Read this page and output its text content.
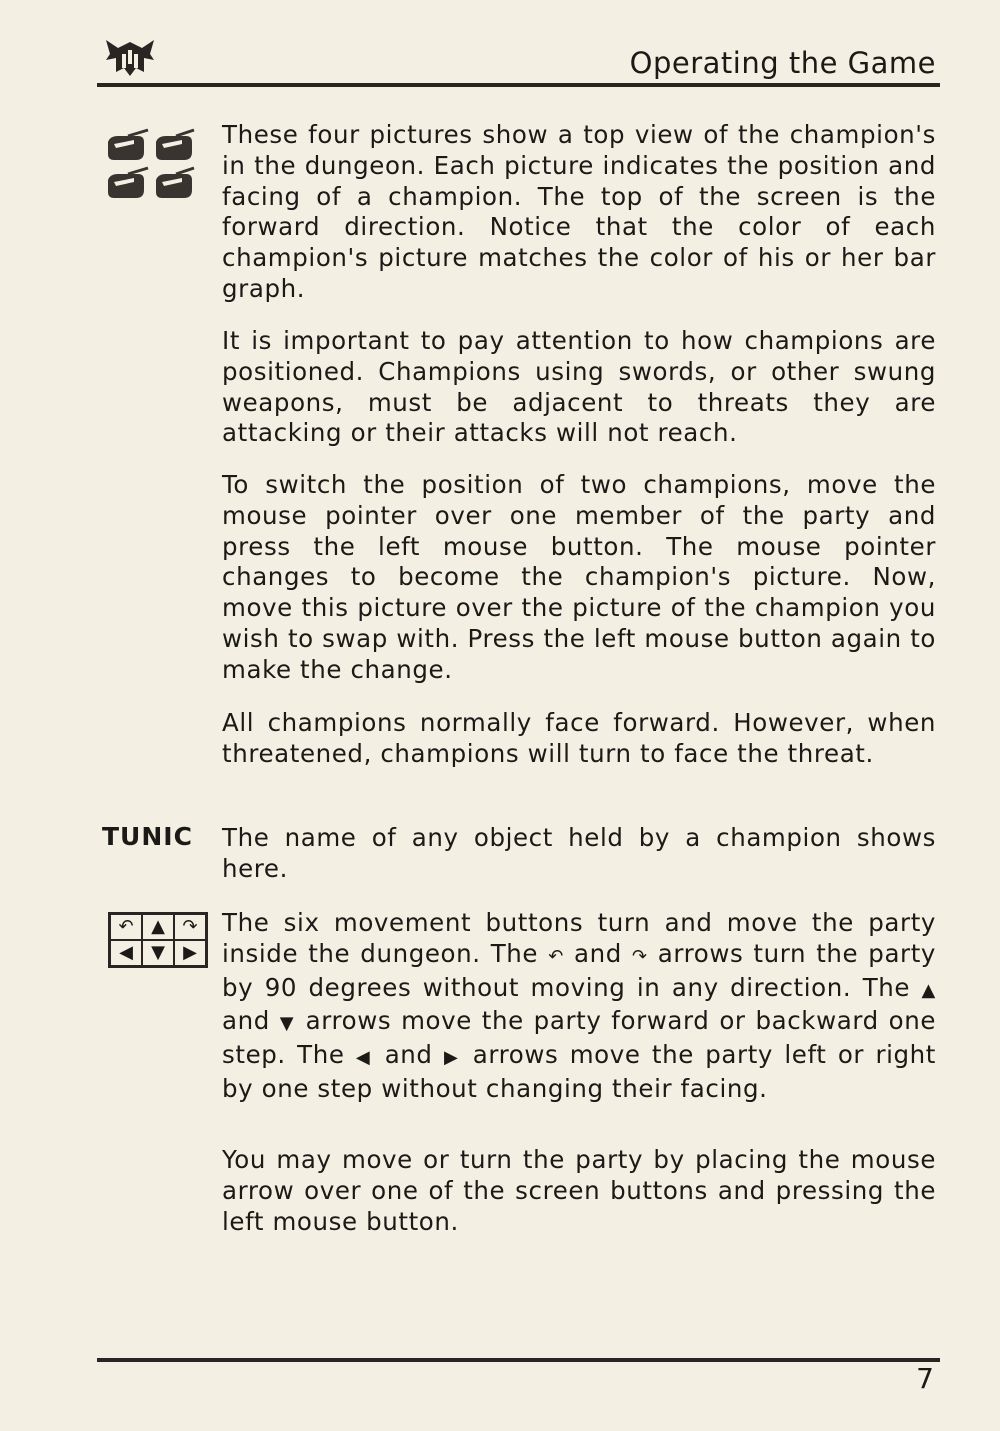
Operating the Game

These four pictures show a top view of the champion's in the dungeon. Each picture indicates the position and facing of a champion. The top of the screen is the forward direction. Notice that the color of each champion's picture matches the color of his or her bar graph.

It is important to pay attention to how champions are positioned. Champions using swords, or other swung weapons, must be adjacent to threats they are attacking or their attacks will not reach.

To switch the position of two champions, move the mouse pointer over one member of the party and press the left mouse button. The mouse pointer changes to become the champion's picture. Now, move this picture over the picture of the champion you wish to swap with. Press the left mouse button again to make the change.

All champions normally face forward. However, when threatened, champions will turn to face the threat.

TUNIC The name of any object held by a champion shows here.

↶ ▲ ↷
◀	▼	▶

The six movement buttons turn and move the party inside the dungeon. The ↶ and ↷ arrows turn the party by 90 degrees without moving in any direction. The ▲ and ▼ arrows move the party forward or backward one step. The ◀ and ▶ arrows move the party left or right by one step without changing their facing.

You may move or turn the party by placing the mouse arrow over one of the screen buttons and pressing the left mouse button.

7
